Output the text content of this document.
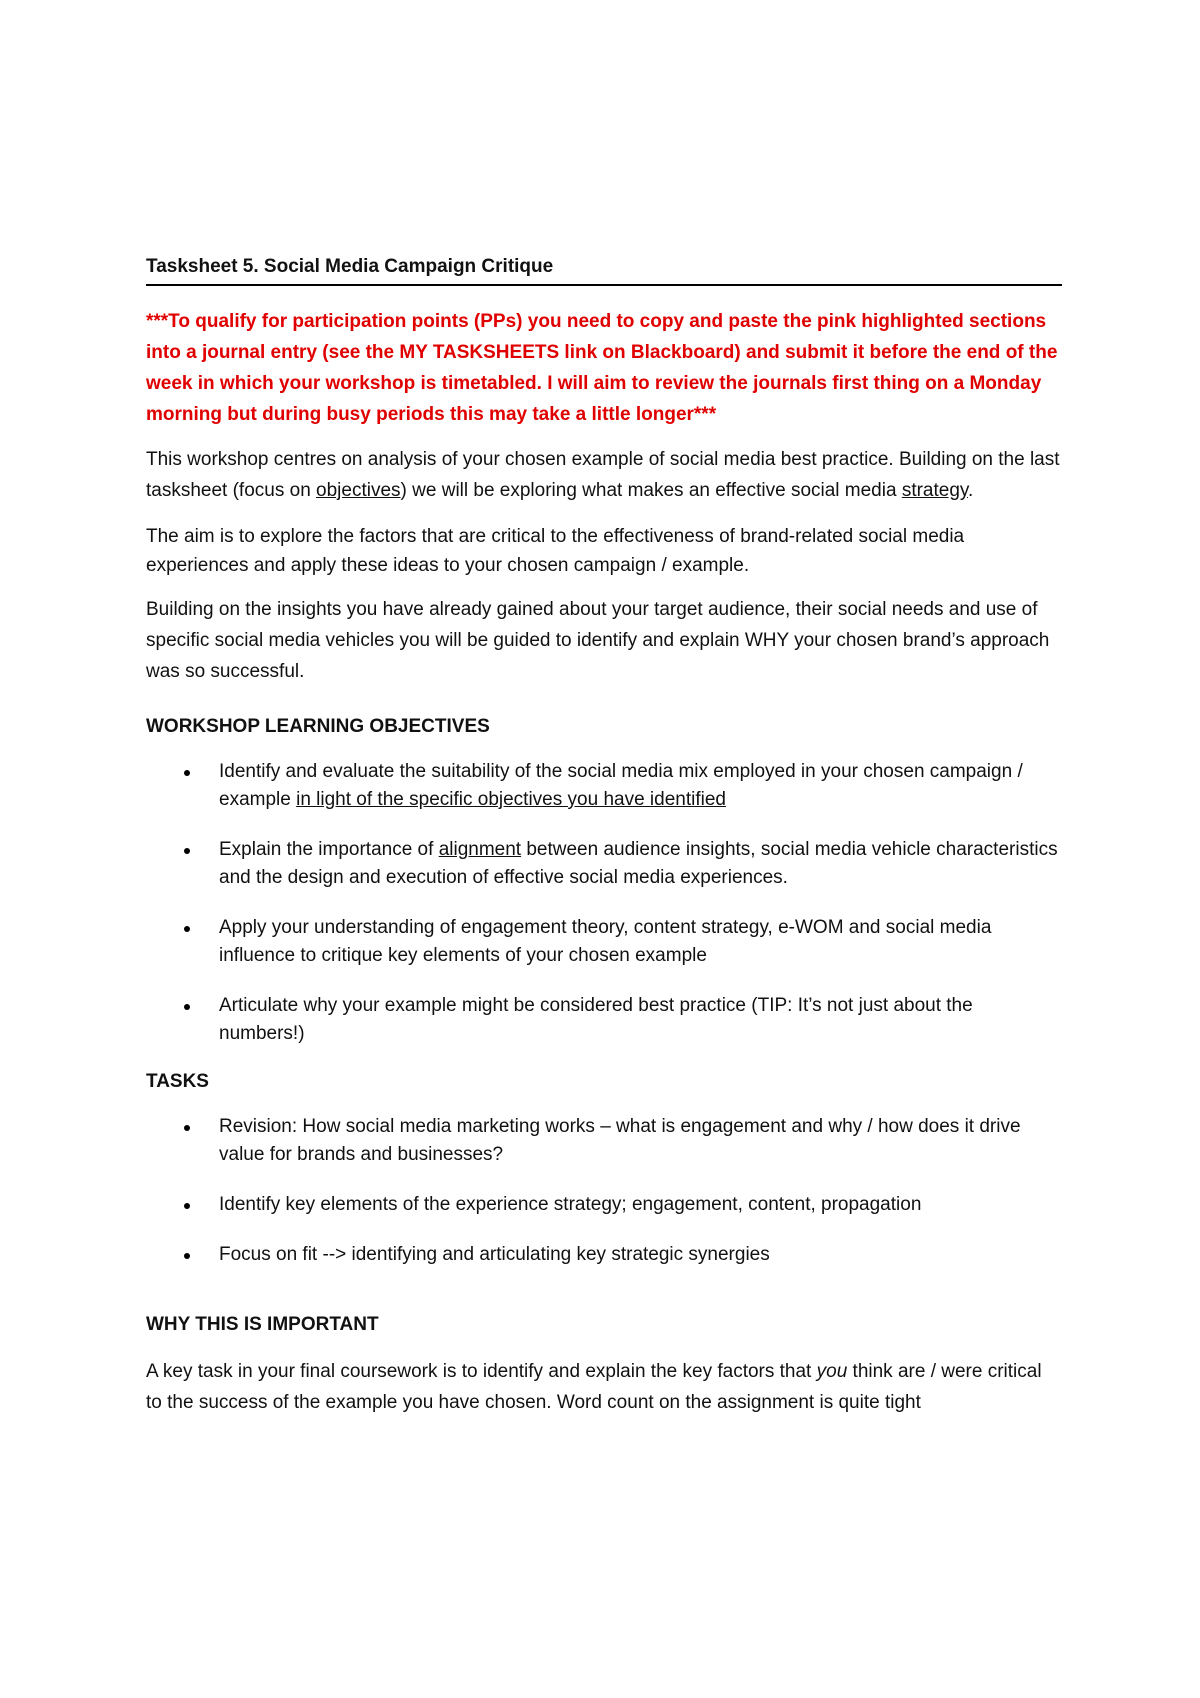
Tasksheet 5. Social Media Campaign Critique

***To qualify for participation points (PPs) you need to copy and paste the pink highlighted sections into a journal entry (see the MY TASKSHEETS link on Blackboard) and submit it before the end of the week in which your workshop is timetabled. I will aim to review the journals first thing on a Monday morning but during busy periods this may take a little longer***

This workshop centres on analysis of your chosen example of social media best practice. Building on the last tasksheet (focus on objectives) we will be exploring what makes an effective social media strategy.

The aim is to explore the factors that are critical to the effectiveness of brand-related social media experiences and apply these ideas to your chosen campaign / example.

Building on the insights you have already gained about your target audience, their social needs and use of specific social media vehicles you will be guided to identify and explain WHY your chosen brand’s approach was so successful.

WORKSHOP LEARNING OBJECTIVES

Identify and evaluate the suitability of the social media mix employed in your chosen campaign / example in light of the specific objectives you have identified
Explain the importance of alignment between audience insights, social media vehicle characteristics and the design and execution of effective social media experiences.
Apply your understanding of engagement theory, content strategy, e-WOM and social media influence to critique key elements of your chosen example
Articulate why your example might be considered best practice (TIP: It’s not just about the numbers!)

TASKS

Revision: How social media marketing works – what is engagement and why / how does it drive value for brands and businesses?
Identify key elements of the experience strategy; engagement, content, propagation
Focus on fit --> identifying and articulating key strategic synergies

WHY THIS IS IMPORTANT

A key task in your final coursework is to identify and explain the key factors that you think are / were critical to the success of the example you have chosen. Word count on the assignment is quite tight
